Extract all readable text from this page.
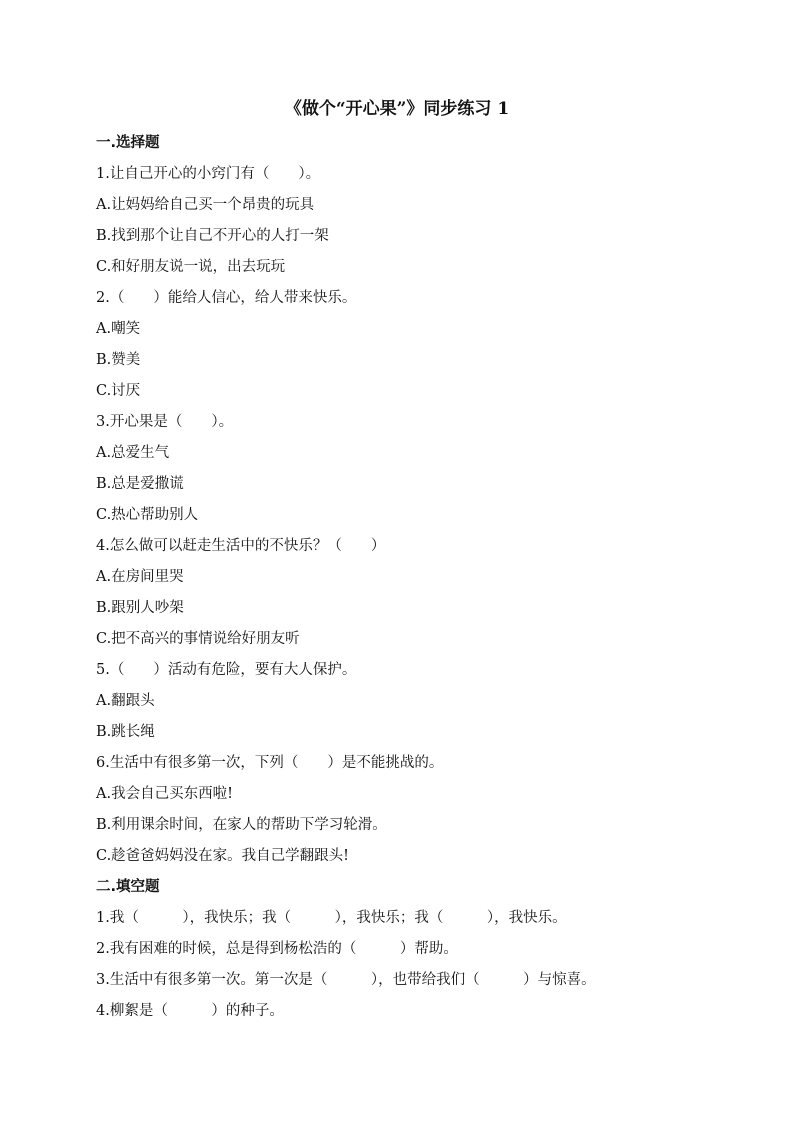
《做个“开心果”》同步练习 1
一.选择题
1.让自己开心的小窍门有（　　）。
A.让妈妈给自己买一个昂贵的玩具
B.找到那个让自己不开心的人打一架
C.和好朋友说一说，出去玩玩
2.（　　）能给人信心，给人带来快乐。
A.嘲笑
B.赞美
C.讨厌
3.开心果是（　　）。
A.总爱生气
B.总是爱撒谎
C.热心帮助别人
4.怎么做可以赶走生活中的不快乐？（　　）
A.在房间里哭
B.跟别人吵架
C.把不高兴的事情说给好朋友听
5.（　　）活动有危险，要有大人保护。
A.翻跟头
B.跳长绳
6.生活中有很多第一次，下列（　　）是不能挑战的。
A.我会自己买东西啦!
B.利用课余时间，在家人的帮助下学习轮滑。
C.趁爸爸妈妈没在家。我自己学翻跟头!
二.填空题
1.我（　　　），我快乐；我（　　　），我快乐；我（　　　），我快乐。
2.我有困难的时候，总是得到杨松浩的（　　　）帮助。
3.生活中有很多第一次。第一次是（　　　），也带给我们（　　　）与惊喜。
4.柳絮是（　　　）的种子。
